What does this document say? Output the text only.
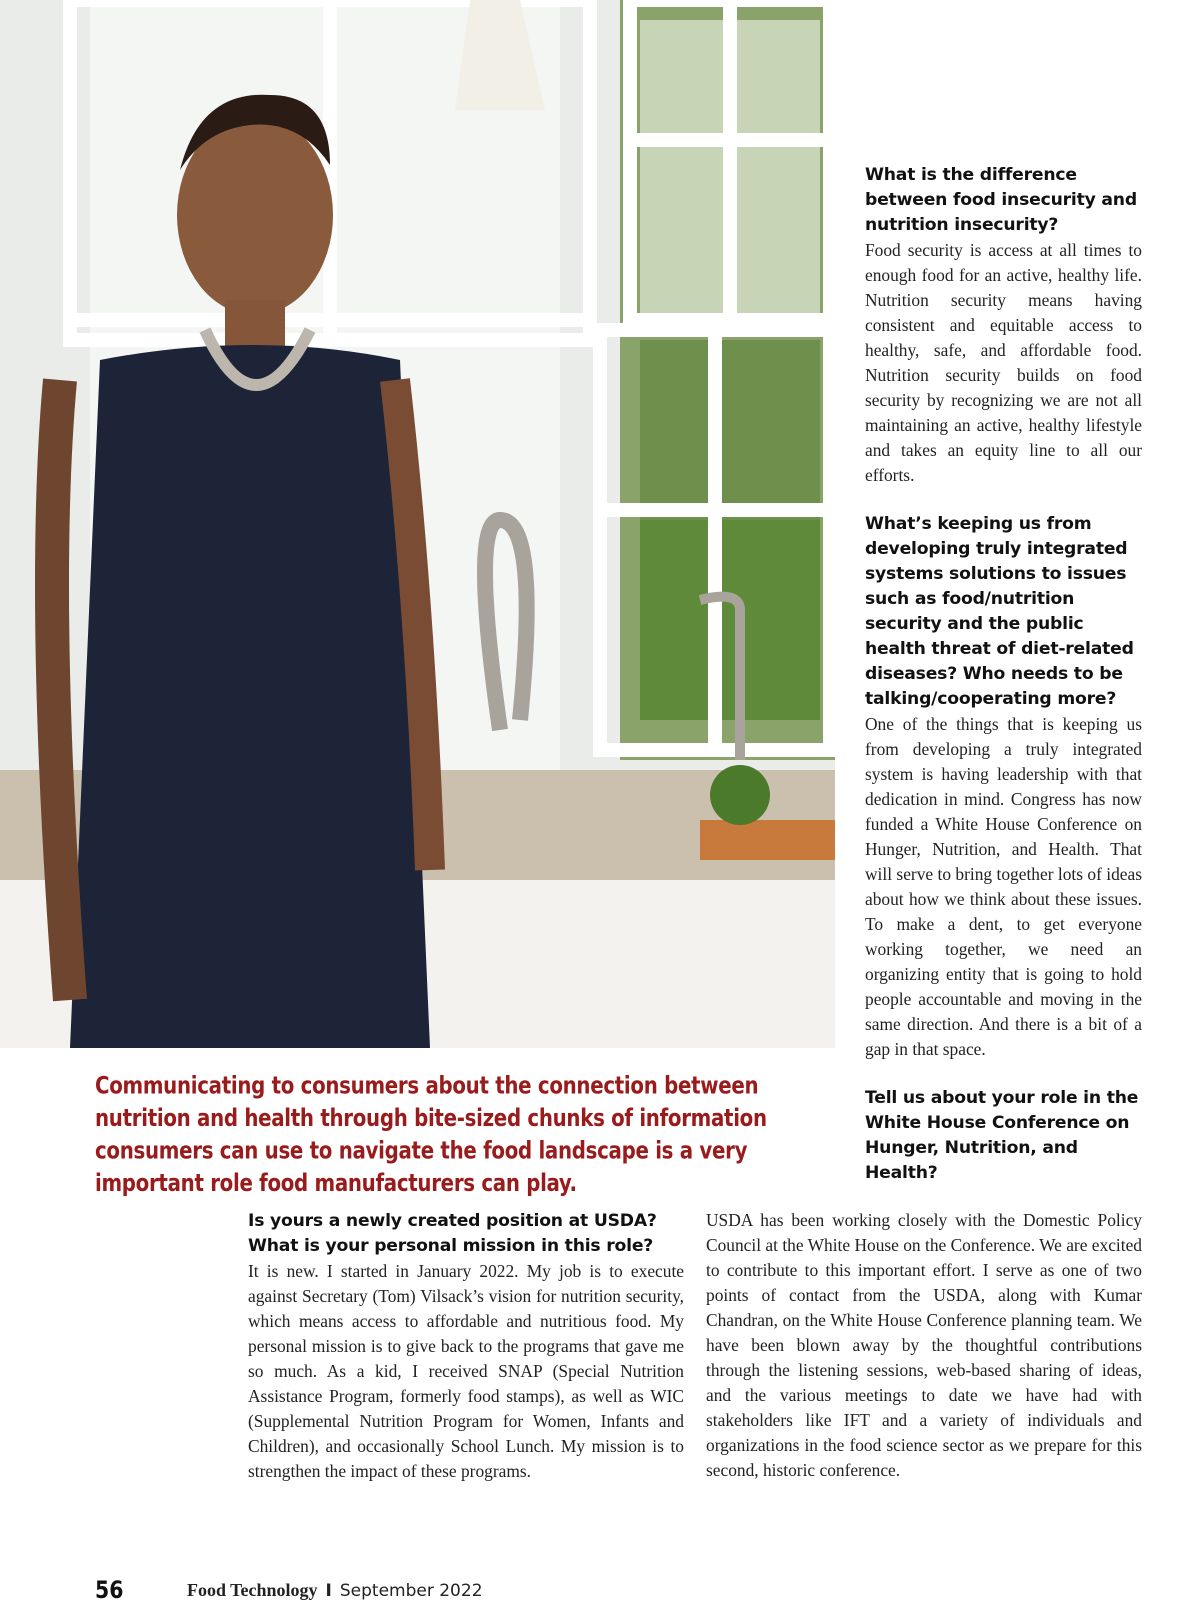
What is the difference between food insecurity and nutrition insecurity?

Food security is access at all times to enough food for an active, healthy life. Nutrition security means having consistent and equitable access to healthy, safe, and affordable food. Nutrition security builds on food security by recognizing we are not all maintaining an active, healthy lifestyle and takes an equity line to all our efforts.

What’s keeping us from developing truly integrated systems solutions to issues such as food/nutrition security and the public health threat of diet-related diseases? Who needs to be talking/cooperating more?

One of the things that is keeping us from developing a truly integrated system is having leadership with that dedication in mind. Congress has now funded a White House Conference on Hunger, Nutrition, and Health. That will serve to bring together lots of ideas about how we think about these issues. To make a dent, to get everyone working together, we need an organizing entity that is going to hold people accountable and moving in the same direction. And there is a bit of a gap in that space.

Tell us about your role in the White House Conference on Hunger, Nutrition, and Health?

Communicating to consumers about the connection between nutrition and health through bite-sized chunks of information consumers can use to navigate the food landscape is a very important role food manufacturers can play.

Is yours a newly created position at USDA? What is your personal mission in this role?

It is new. I started in January 2022. My job is to execute against Secretary (Tom) Vilsack’s vision for nutrition security, which means access to affordable and nutritious food. My personal mission is to give back to the programs that gave me so much. As a kid, I received SNAP (Special Nutrition Assistance Program, formerly food stamps), as well as WIC (Supplemental Nutrition Program for Women, Infants and Children), and occasionally School Lunch. My mission is to strengthen the impact of these programs.

USDA has been working closely with the Domestic Policy Council at the White House on the Conference. We are excited to contribute to this important effort. I serve as one of two points of contact from the USDA, along with Kumar Chandran, on the White House Conference planning team. We have been blown away by the thoughtful contributions through the listening sessions, web-based sharing of ideas, and the various meetings to date we have had with stakeholders like IFT and a variety of individuals and organizations in the food science sector as we prepare for this second, historic conference.

56	Food Technology I September 2022
